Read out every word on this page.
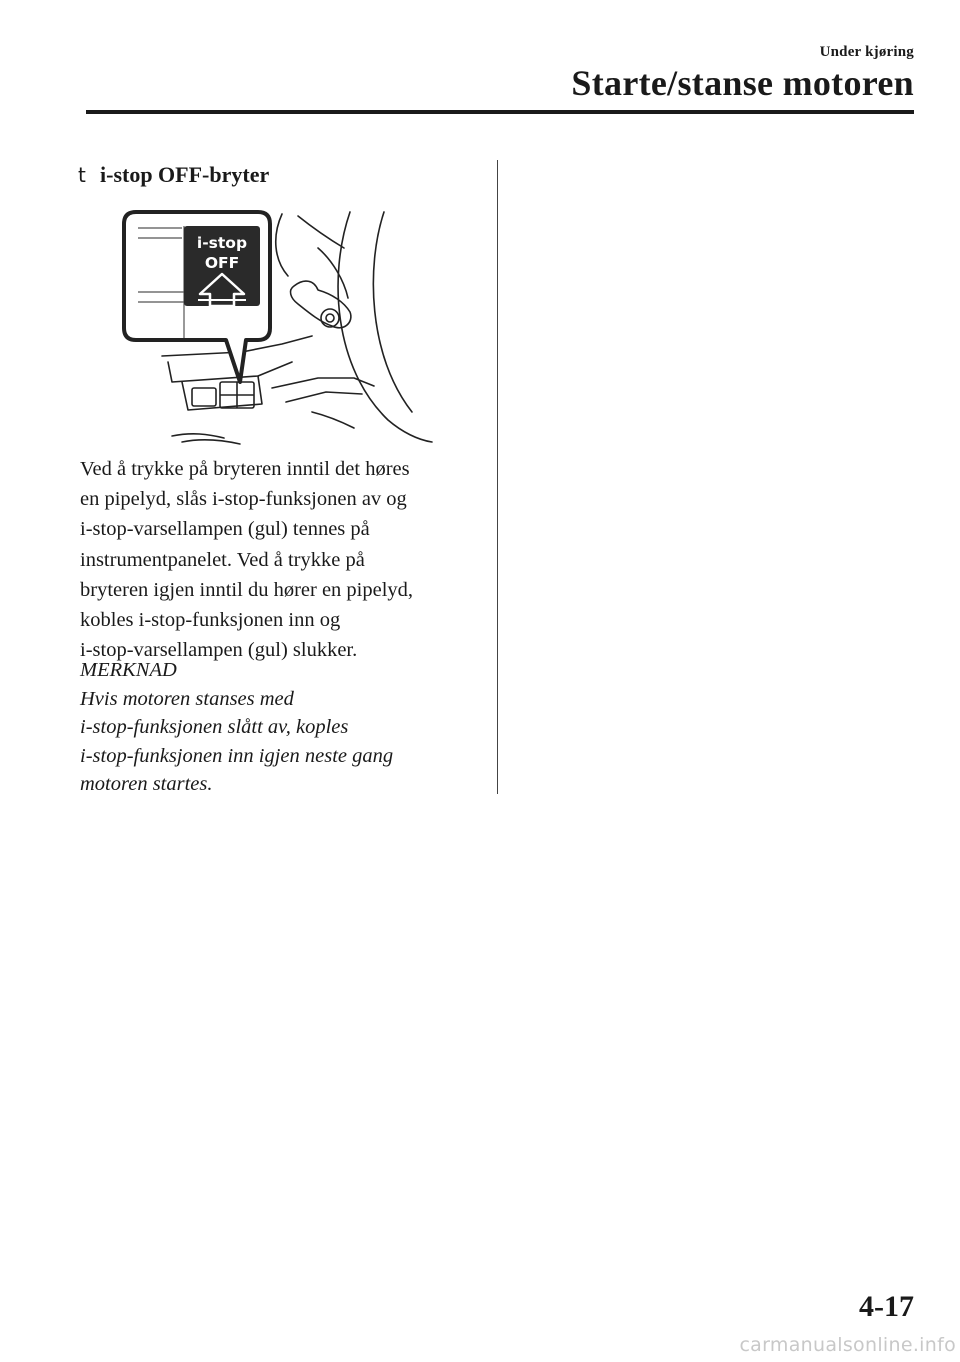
Under kjøring
Starte/stanse motoren
t i-stop OFF-bryter
i-stop
OFF

Ved å trykke på bryteren inntil det høres

en pipelyd, slås i-stop-funksjonen av og

i-stop-varsellampen (gul) tennes på

instrumentpanelet. Ved å trykke på

bryteren igjen inntil du hører en pipelyd,

kobles i-stop-funksjonen inn og

i-stop-varsellampen (gul) slukker.

MERKNAD

Hvis motoren stanses med

i-stop-funksjonen slått av, koples

i-stop-funksjonen inn igjen neste gang

motoren startes.

4-17
carmanualsonline.info
